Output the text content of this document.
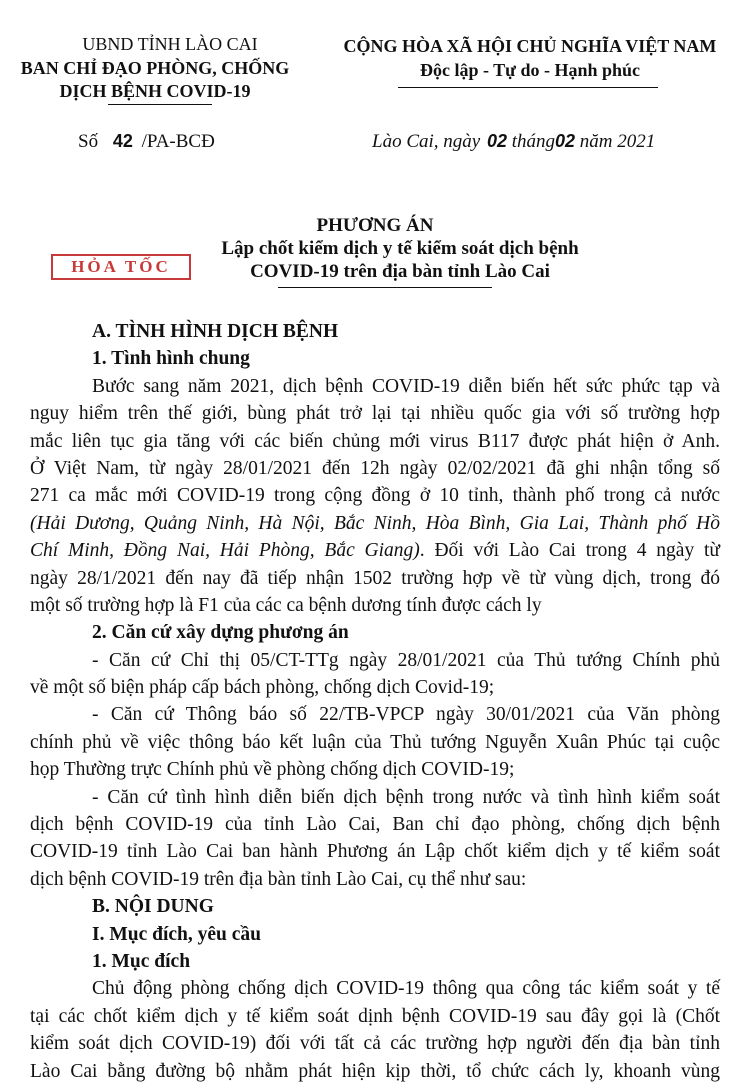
UBND TỈNH LÀO CAI
BAN CHỈ ĐẠO PHÒNG, CHỐNG
DỊCH BỆNH COVID-19
CỘNG HÒA XÃ HỘI CHỦ NGHĨA VIỆT NAM
Độc lập - Tự do - Hạnh phúc
Số 42 /PA-BCĐ	Lào Cai, ngày 02 tháng02 năm 2021
PHƯƠNG ÁN
Lập chốt kiểm dịch y tế kiểm soát dịch bệnh
COVID-19 trên địa bàn tỉnh Lào Cai
HỎA TỐC
A. TÌNH HÌNH DỊCH BỆNH
1. Tình hình chung
Bước sang năm 2021, dịch bệnh COVID-19 diễn biến hết sức phức tạp và
nguy hiểm trên thế giới, bùng phát trở lại tại nhiều quốc gia với số trường hợp
mắc liên tục gia tăng với các biến chủng mới virus B117 được phát hiện ở Anh.
Ở Việt Nam, từ ngày 28/01/2021 đến 12h ngày 02/02/2021 đã ghi nhận tổng số
271 ca mắc mới COVID-19 trong cộng đồng ở 10 tỉnh, thành phố trong cả nước
(Hải Dương, Quảng Ninh, Hà Nội, Bắc Ninh, Hòa Bình, Gia Lai, Thành phố Hồ
Chí Minh, Đồng Nai, Hải Phòng, Bắc Giang). Đối với Lào Cai trong 4 ngày từ
ngày 28/1/2021 đến nay đã tiếp nhận 1502 trường hợp về từ vùng dịch, trong đó
một số trường hợp là F1 của các ca bệnh dương tính được cách ly
2. Căn cứ xây dựng phương án
- Căn cứ Chỉ thị 05/CT-TTg ngày 28/01/2021 của Thủ tướng Chính phủ
về một số biện pháp cấp bách phòng, chống dịch Covid-19;
- Căn cứ Thông báo số 22/TB-VPCP ngày 30/01/2021 của Văn phòng
chính phủ về việc thông báo kết luận của Thủ tướng Nguyễn Xuân Phúc tại cuộc
họp Thường trực Chính phủ về phòng chống dịch COVID-19;
- Căn cứ tình hình diễn biến dịch bệnh trong nước và tình hình kiểm soát
dịch bệnh COVID-19 của tỉnh Lào Cai, Ban chỉ đạo phòng, chống dịch bệnh
COVID-19 tỉnh Lào Cai ban hành Phương án Lập chốt kiểm dịch y tế kiểm soát
dịch bệnh COVID-19 trên địa bàn tỉnh Lào Cai, cụ thể như sau:
B. NỘI DUNG
I. Mục đích, yêu cầu
1. Mục đích
Chủ động phòng chống dịch COVID-19 thông qua công tác kiểm soát y tế
tại các chốt kiểm dịch y tế kiểm soát dịnh bệnh COVID-19 sau đây gọi là (Chốt
kiểm soát dịch COVID-19) đối với tất cả các trường hợp người đến địa bàn tỉnh
Lào Cai bằng đường bộ nhằm phát hiện kịp thời, tổ chức cách ly, khoanh vùng
